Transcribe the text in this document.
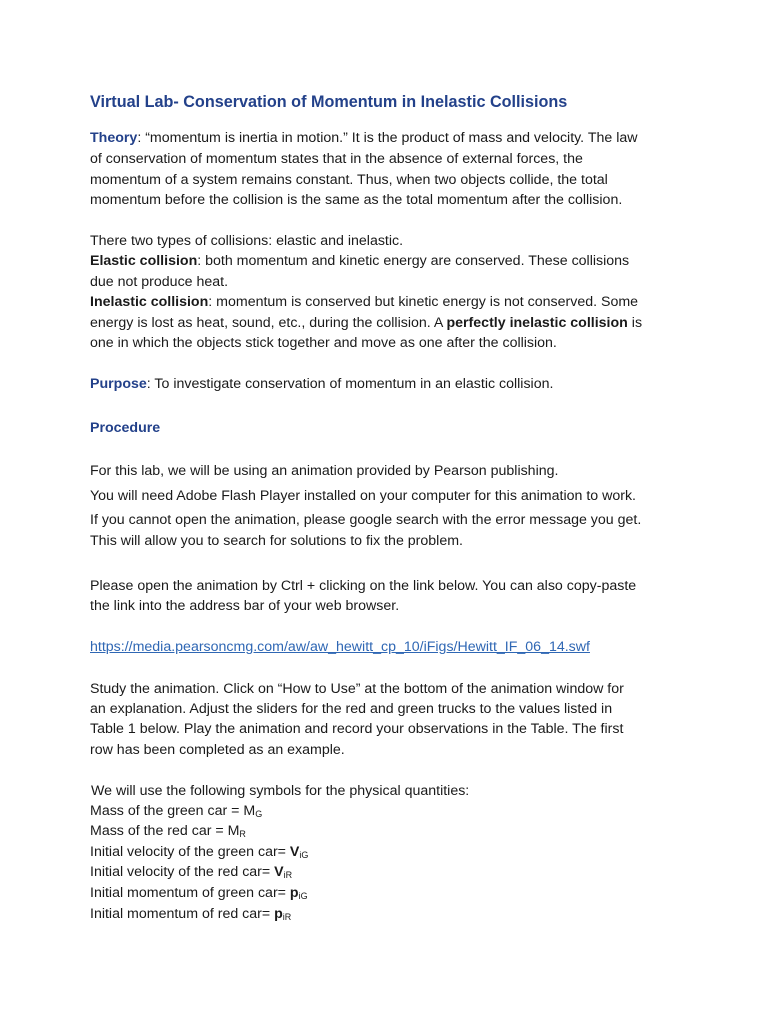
Virtual Lab- Conservation of Momentum in Inelastic Collisions
Theory: “momentum is inertia in motion.” It is the product of mass and velocity. The law
of conservation of momentum states that in the absence of external forces, the
momentum of a system remains constant. Thus, when two objects collide, the total
momentum before the collision is the same as the total momentum after the collision.
There two types of collisions: elastic and inelastic.
Elastic collision: both momentum and kinetic energy are conserved. These collisions
due not produce heat.
Inelastic collision: momentum is conserved but kinetic energy is not conserved. Some
energy is lost as heat, sound, etc., during the collision. A perfectly inelastic collision is
one in which the objects stick together and move as one after the collision.
Purpose: To investigate conservation of momentum in an elastic collision.
Procedure
For this lab, we will be using an animation provided by Pearson publishing.
You will need Adobe Flash Player installed on your computer for this animation to work.
If you cannot open the animation, please google search with the error message you get.
This will allow you to search for solutions to fix the problem.
Please open the animation by Ctrl + clicking on the link below. You can also copy-paste
the link into the address bar of your web browser.
https://media.pearsoncmg.com/aw/aw_hewitt_cp_10/iFigs/Hewitt_IF_06_14.swf
Study the animation. Click on “How to Use” at the bottom of the animation window for
an explanation. Adjust the sliders for the red and green trucks to the values listed in
Table 1 below. Play the animation and record your observations in the Table. The first
row has been completed as an example.
We will use the following symbols for the physical quantities:
Mass of the green car = $M_G$
Mass of the red car = $M_R$
Initial velocity of the green $car= V_{iG}$
Initial velocity of the red $car= V_{iR}$
Initial momentum of green $car= p_{iG}$
Initial momentum of red $car= p_{iR}$
